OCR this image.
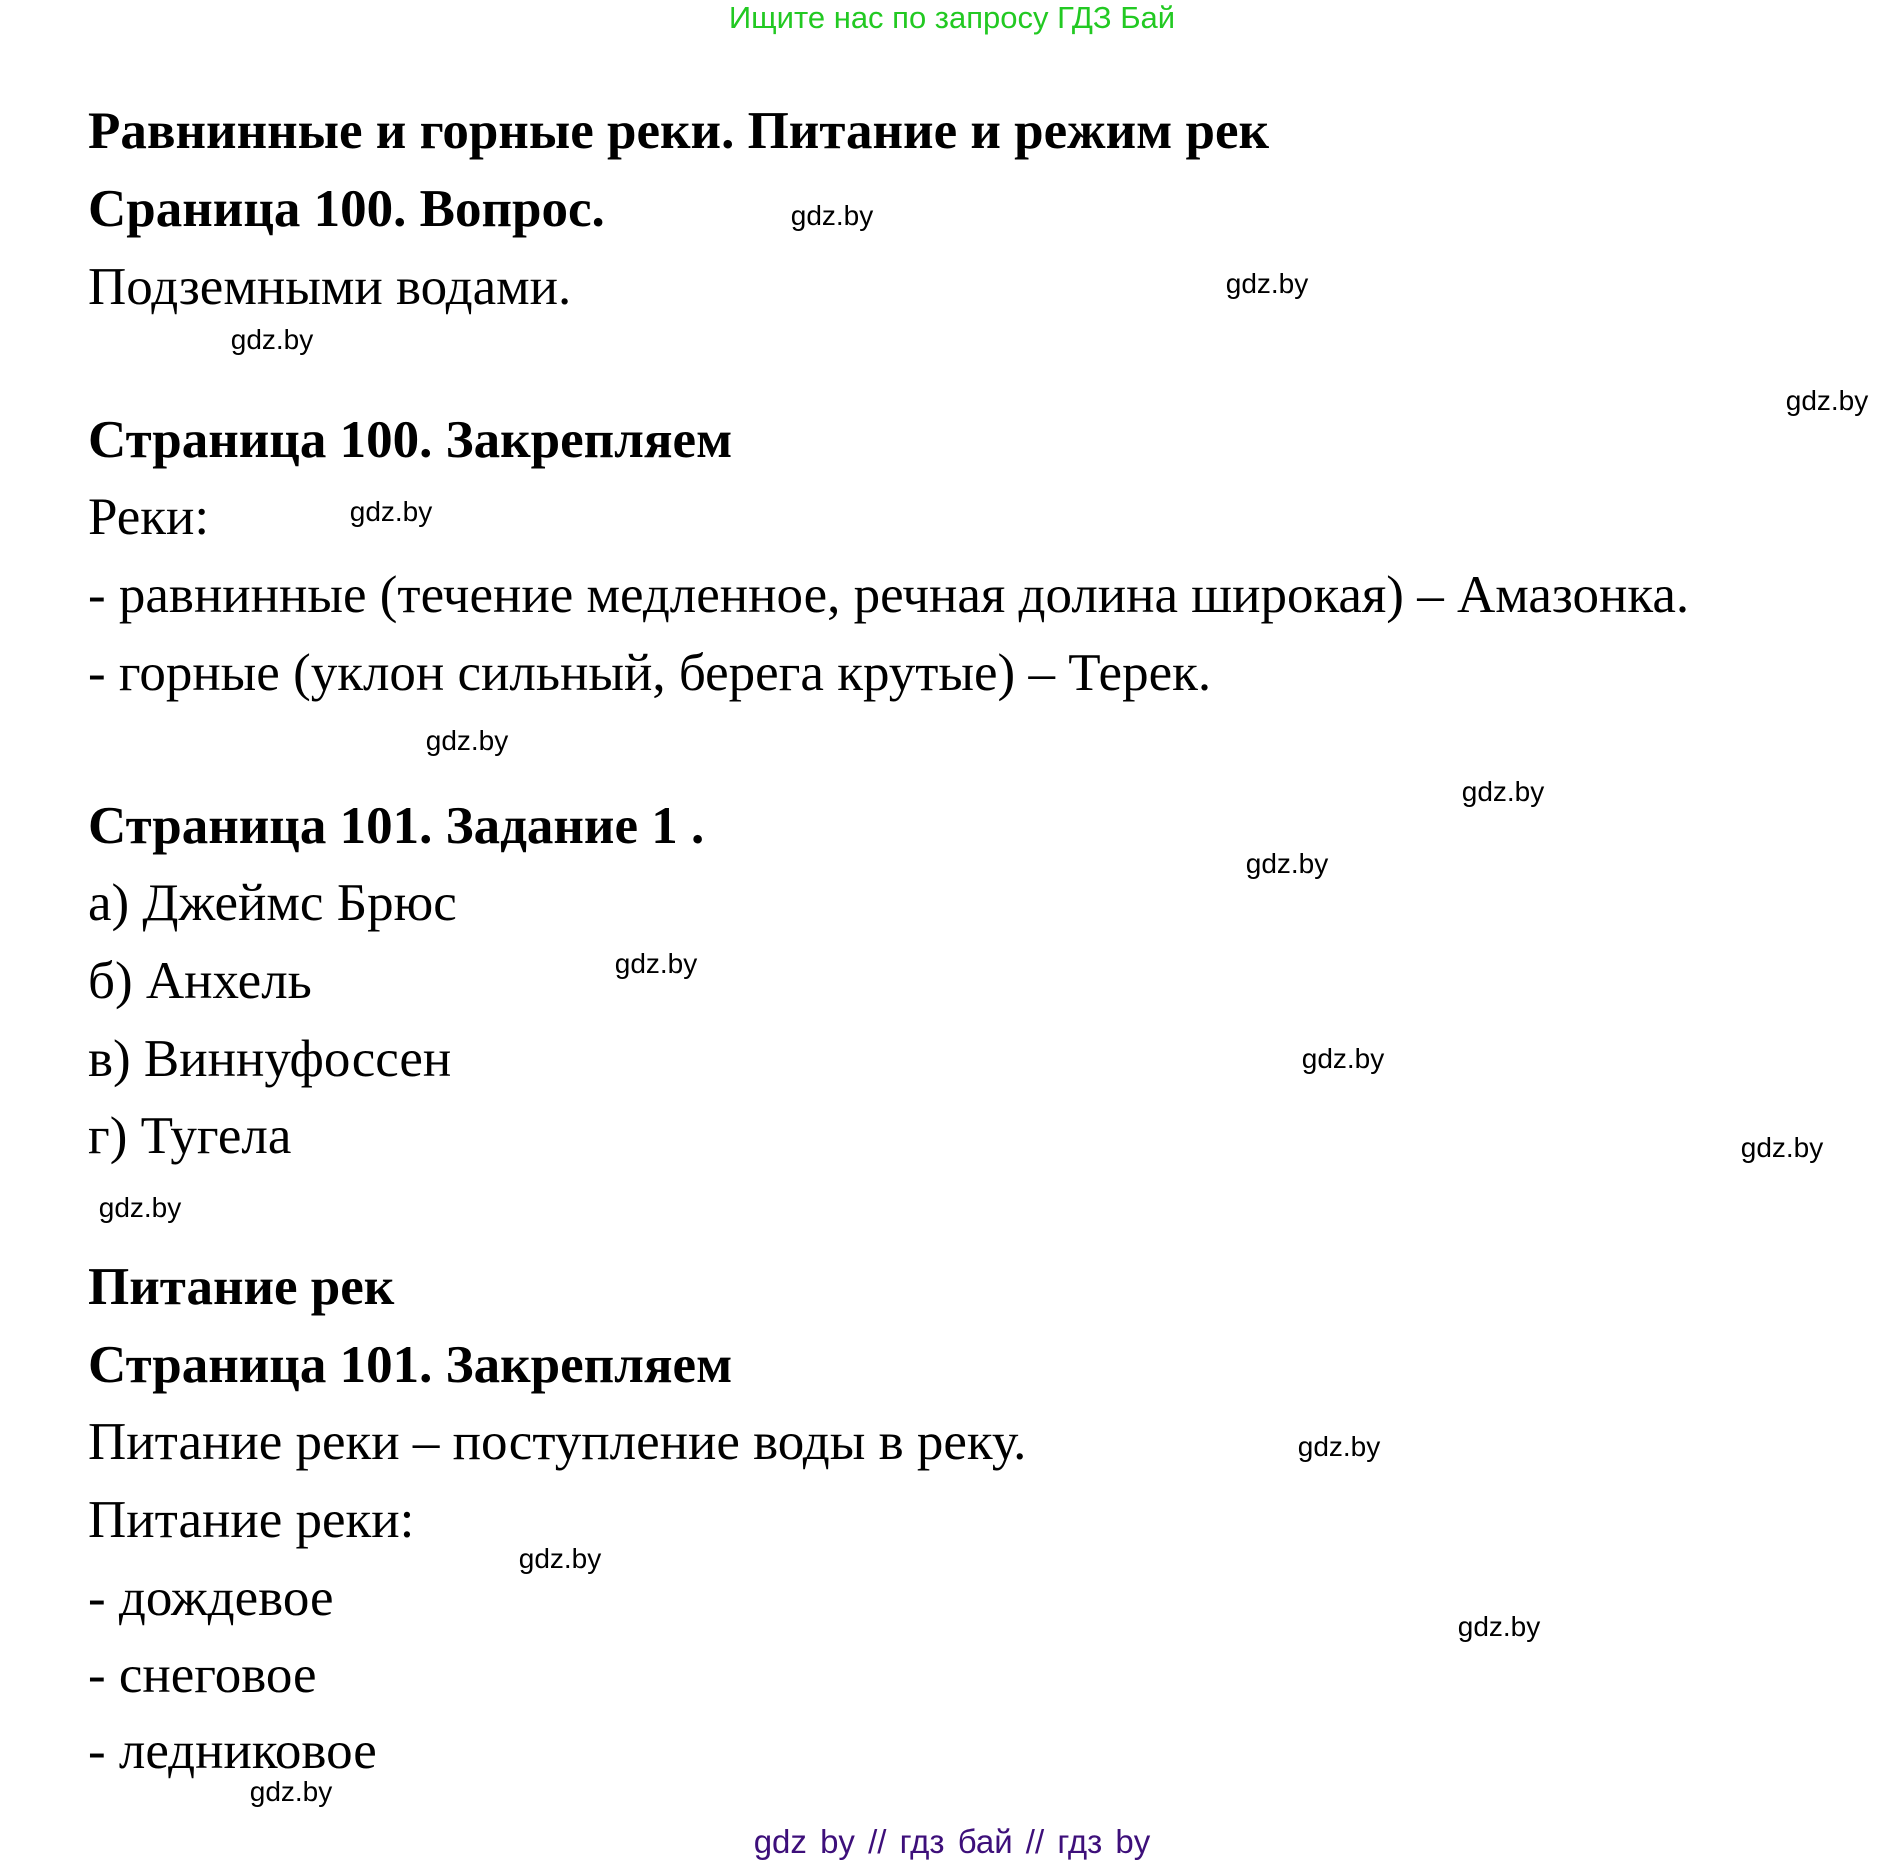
Ищите нас по запросу ГДЗ Бай
Равнинные и горные реки. Питание и режим рек
Сраница 100. Вопрос.
Подземными водами.
Страница 100. Закрепляем
Реки:
- равнинные (течение медленное, речная долина широкая) – Амазонка.
- горные (уклон сильный, берега крутые) – Терек.
Страница 101. Задание 1 .
а) Джеймс Брюс
б) Анхель
в) Виннуфоссен
г) Тугела
Питание рек
Страница 101. Закрепляем
Питание реки – поступление воды в реку.
Питание реки:
- дождевое
- снеговое
- ледниковое
gdz.by
gdz.by
gdz.by
gdz.by
gdz.by
gdz.by
gdz.by
gdz.by
gdz.by
gdz.by
gdz.by
gdz.by
gdz.by
gdz.by
gdz.by
gdz.by
gdz by // гдз бай // гдз by
